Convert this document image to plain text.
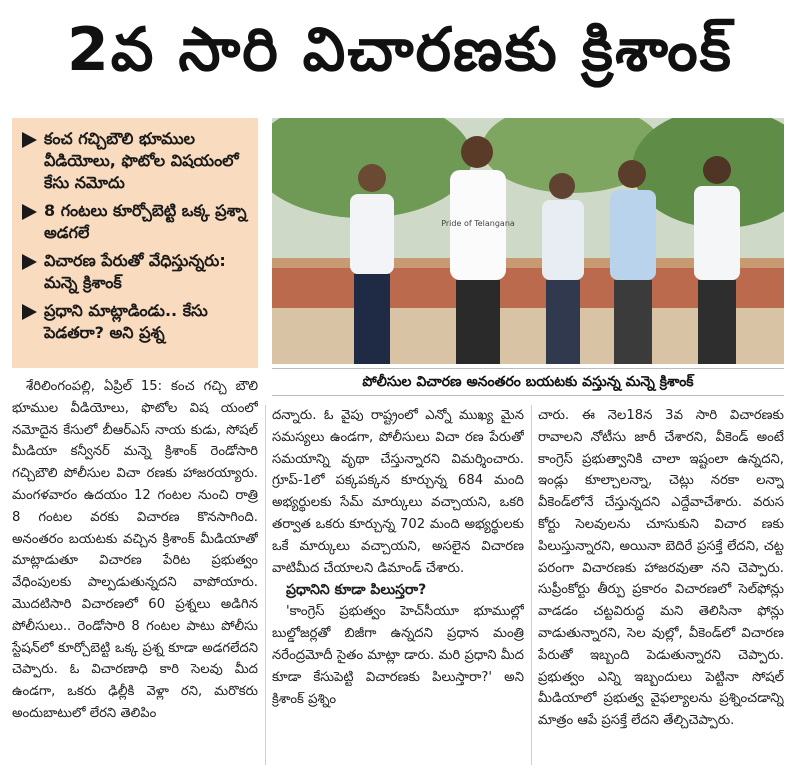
2వ సారి విచారణకు క్రిశాంక్
కంచ గచ్చిబౌలి భూముల వీడియోలు, ఫొటోల విషయంలో కేసు నమోదు
8 గంటలు కూర్చోబెట్టి ఒక్క ప్రశ్నా అడగలే
విచారణ పేరుతో వేధిస్తున్నరు: మన్నె క్రిశాంక్
ప్రధాని మాట్లాడిండు.. కేసు పెడతరా? అని ప్రశ్న
Pride of Telangana
పోలీసుల విచారణ అనంతరం బయటకు వస్తున్న మన్నె క్రిశాంక్

శేరిలింగంపల్లి, ఏప్రిల్ 15: కంచ గచ్చి బౌలి భూముల వీడియోలు, ఫొటోల విష యంలో నమోదైన కేసులో బీఆర్ఎస్ నాయ కుడు, సోషల్ మీడియా కన్వీనర్ మన్నె క్రిశాంక్ రెండోసారి గచ్చిబౌలి పోలీసుల విచా రణకు హాజరయ్యారు. మంగళవారం ఉదయం 12 గంటల నుంచి రాత్రి 8 గంటల వరకు విచారణ కొనసాగింది. అనంతరం బయటకు వచ్చిన క్రిశాంక్ మీడియాతో మాట్లాడుతూ విచారణ పేరిట ప్రభుత్వం వేధింపులకు పాల్పడుతున్నదని వాపోయారు. మొదటిసారి విచారణలో 60 ప్రశ్నలు అడిగిన పోలీసులు.. రెండోసారి 8 గంటల పాటు పోలీసు స్టేషన్‌లో కూర్చోబెట్టి ఒక్క ప్రశ్న కూడా అడగలేదని చెప్పారు. ఓ విచారణాధి కారి సెలవు మీద ఉండగా, ఒకరు ఢిల్లీకి వెళ్లా రని, మరొకరు అందుబాటులో లేరని తెలిపిం

దన్నారు. ఓ వైపు రాష్ట్రంలో ఎన్నో ముఖ్య మైన సమస్యలు ఉండగా, పోలీసులు విచా రణ పేరుతో సమయాన్ని వృథా చేస్తున్నారని విమర్శించారు. గ్రూప్-1లో పక్కపక్కన కూర్చున్న 684 మంది అభ్యర్థులకు సేమ్ మార్కులు వచ్చాయని, ఒకరి తర్వాత ఒకరు కూర్చున్న 702 మంది అభ్యర్థులకు ఒకే మార్కులు వచ్చాయని, అసలైన విచారణ వాటిమీద చేయాలని డిమాండ్ చేశారు.

ప్రధానిని కూడా పిలుస్తరా?

'కాంగ్రెస్ ప్రభుత్వం హెచ్‌సీయూ భూముల్లో బుల్డోజర్లతో బిజీగా ఉన్నదని ప్రధాన మంత్రి నరేంద్రమోదీ సైతం మాట్లా డారు. మరి ప్రధాని మీద కూడా కేసుపెట్టి విచారణకు పిలుస్తారా?' అని క్రిశాంక్ ప్రశ్నిం

చారు. ఈ నెల18న 3వ సారి విచారణకు రావాలని నోటీసు జారీ చేశారని, వీకెండ్ అంటే కాంగ్రెస్ ప్రభుత్వానికి చాలా ఇష్టంలా ఉన్నదని, ఇండ్లు కూల్చాలన్నా, చెట్లు నరకా లన్నా వీకెండ్‌లోనే చేస్తున్నదని ఎద్దేవాచేశారు. వరుస కోర్టు సెలవులను చూసుకుని విచార ణకు పిలుస్తున్నారని, అయినా బెదిరే ప్రసక్తే లేదని, చట్ట పరంగా విచారణకు హాజరవుతా నని చెప్పారు. సుప్రీంకోర్టు తీర్పు ప్రకారం విచారణలో సెల్‌ఫోన్లు వాడడం చట్టవిరుద్ధ మని తెలిసినా ఫోన్లు వాడుతున్నారని, సెల వుల్లో, వీకెండ్‌లో విచారణ పేరుతో ఇబ్బంది పెడుతున్నారని చెప్పారు. ప్రభుత్వం ఎన్ని ఇబ్బందులు పెట్టినా సోషల్ మీడియాలో ప్రభుత్వ వైఫల్యాలను ప్రశ్నించడాన్ని మాత్రం ఆపే ప్రసక్తే లేదని తేల్చిచెప్పారు.
